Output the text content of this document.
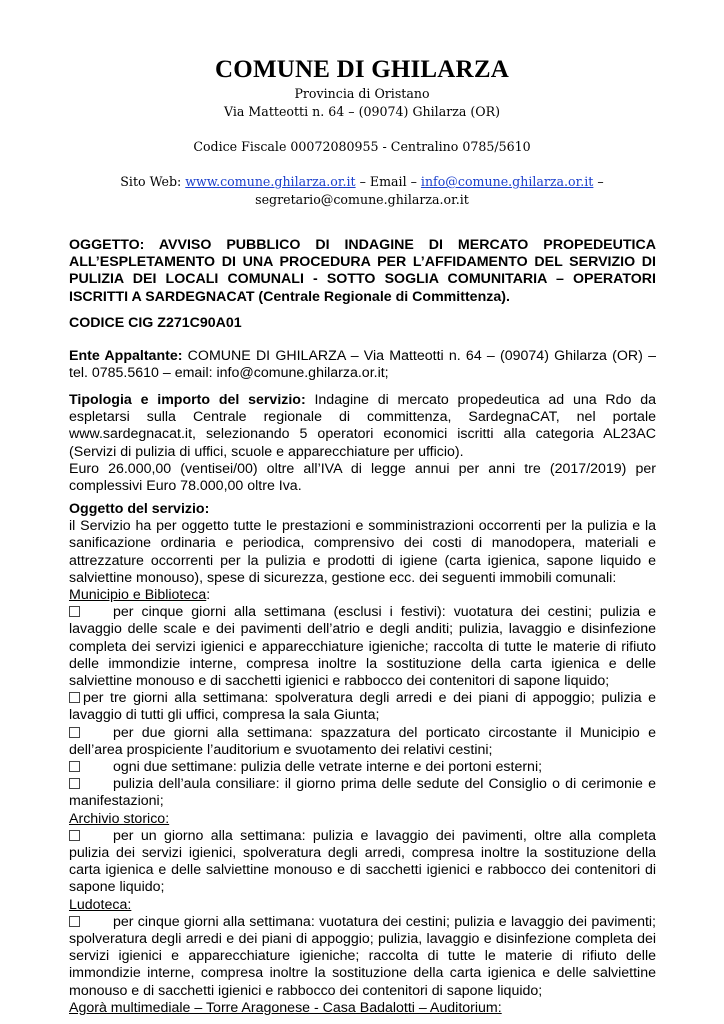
COMUNE DI GHILARZA
Provincia di Oristano
Via Matteotti n. 64 – (09074) Ghilarza (OR)
Codice Fiscale 00072080955 - Centralino 0785/5610
Sito Web: www.comune.ghilarza.or.it – Email – info@comune.ghilarza.or.it –
segretario@comune.ghilarza.or.it
OGGETTO: AVVISO PUBBLICO DI INDAGINE DI MERCATO PROPEDEUTICA ALL’ESPLETAMENTO DI UNA PROCEDURA PER L’AFFIDAMENTO DEL SERVIZIO DI PULIZIA DEI LOCALI COMUNALI - SOTTO SOGLIA COMUNITARIA – OPERATORI ISCRITTI A SARDEGNACAT (Centrale Regionale di Committenza).
CODICE CIG Z271C90A01
Ente Appaltante: COMUNE DI GHILARZA – Via Matteotti n. 64 – (09074) Ghilarza (OR) – tel. 0785.5610 – email: info@comune.ghilarza.or.it;

Tipologia e importo del servizio: Indagine di mercato propedeutica ad una Rdo da espletarsi sulla Centrale regionale di committenza, SardegnaCAT, nel portale www.sardegnacat.it, selezionando 5 operatori economici iscritti alla categoria AL23AC (Servizi di pulizia di uffici, scuole e apparecchiature per ufficio).

Euro 26.000,00 (ventisei/00) oltre all’IVA di legge annui per anni tre (2017/2019) per complessivi Euro 78.000,00 oltre Iva.

Oggetto del servizio:

il Servizio ha per oggetto tutte le prestazioni e somministrazioni occorrenti per la pulizia e la sanificazione ordinaria e periodica, comprensivo dei costi di manodopera, materiali e attrezzature occorrenti per la pulizia e prodotti di igiene (carta igienica, sapone liquido e salviettine monouso), spese di sicurezza, gestione ecc. dei seguenti immobili comunali:

Municipio e Biblioteca:

per cinque giorni alla settimana (esclusi i festivi): vuotatura dei cestini; pulizia e lavaggio delle scale e dei pavimenti dell’atrio e degli anditi; pulizia, lavaggio e disinfezione completa dei servizi igienici e apparecchiature igieniche; raccolta di tutte le materie di rifiuto delle immondizie interne, compresa inoltre la sostituzione della carta igienica e delle salviettine monouso e di sacchetti igienici e rabbocco dei contenitori di sapone liquido;

per tre giorni alla settimana: spolveratura degli arredi e dei piani di appoggio; pulizia e lavaggio di tutti gli uffici, compresa la sala Giunta;

per due giorni alla settimana: spazzatura del porticato circostante il Municipio e dell’area prospiciente l’auditorium e svuotamento dei relativi cestini;

ogni due settimane: pulizia delle vetrate interne e dei portoni esterni;

pulizia dell’aula consiliare: il giorno prima delle sedute del Consiglio o di cerimonie e manifestazioni;

Archivio storico:

per un giorno alla settimana: pulizia e lavaggio dei pavimenti, oltre alla completa pulizia dei servizi igienici, spolveratura degli arredi, compresa inoltre la sostituzione della carta igienica e delle salviettine monouso e di sacchetti igienici e rabbocco dei contenitori di sapone liquido;

Ludoteca:

per cinque giorni alla settimana: vuotatura dei cestini; pulizia e lavaggio dei pavimenti; spolveratura degli arredi e dei piani di appoggio; pulizia, lavaggio e disinfezione completa dei servizi igienici e apparecchiature igieniche; raccolta di tutte le materie di rifiuto delle immondizie interne, compresa inoltre la sostituzione della carta igienica e delle salviettine monouso e di sacchetti igienici e rabbocco dei contenitori di sapone liquido;

Agorà multimediale – Torre Aragonese - Casa Badalotti – Auditorium:
